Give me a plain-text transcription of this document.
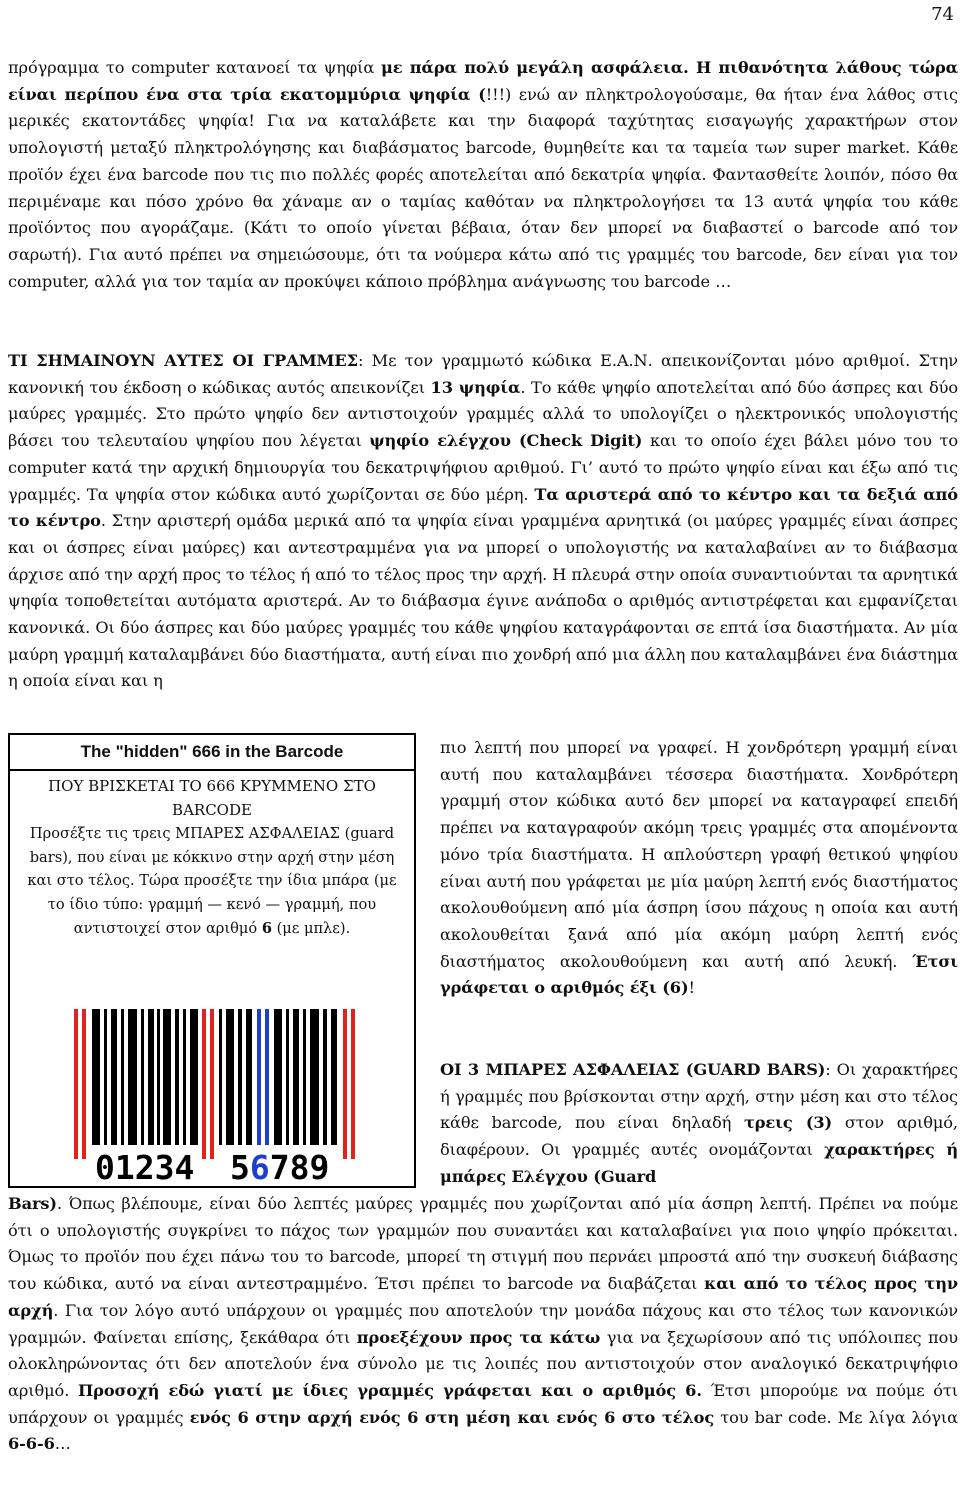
74

πρόγραμμα το computer κατανοεί τα ψηφία με πάρα πολύ μεγάλη ασφάλεια. Η πιθανότητα λάθους τώρα είναι περίπου ένα στα τρία εκατομμύρια ψηφία (!!!) ενώ αν πληκτρολογούσαμε, θα ήταν ένα λάθος στις μερικές εκατοντάδες ψηφία! Για να καταλάβετε και την διαφορά ταχύτητας εισαγωγής χαρακτήρων στον υπολογιστή μεταξύ πληκτρολόγησης και διαβάσματος barcode, θυμηθείτε και τα ταμεία των super market. Κάθε προϊόν έχει ένα barcode που τις πιο πολλές φορές αποτελείται από δεκατρία ψηφία. Φαντασθείτε λοιπόν, πόσο θα περιμέναμε και πόσο χρόνο θα χάναμε αν ο ταμίας καθόταν να πληκτρολογήσει τα 13 αυτά ψηφία του κάθε προϊόντος που αγοράζαμε. (Κάτι το οποίο γίνεται βέβαια, όταν δεν μπορεί να διαβαστεί ο barcode από τον σαρωτή). Για αυτό πρέπει να σημειώσουμε, ότι τα νούμερα κάτω από τις γραμμές του barcode, δεν είναι για τον computer, αλλά για τον ταμία αν προκύψει κάποιο πρόβλημα ανάγνωσης του barcode …

ΤΙ ΣΗΜΑΙΝΟΥΝ ΑΥΤΕΣ ΟΙ ΓΡΑΜΜΕΣ: Με τον γραμμωτό κώδικα Ε.Α.Ν. απεικονίζονται μόνο αριθμοί. Στην κανονική του έκδοση ο κώδικας αυτός απεικονίζει 13 ψηφία. Το κάθε ψηφίο αποτελείται από δύο άσπρες και δύο μαύρες γραμμές. Στο πρώτο ψηφίο δεν αντιστοιχούν γραμμές αλλά το υπολογίζει ο ηλεκτρονικός υπολογιστής βάσει του τελευταίου ψηφίου που λέγεται ψηφίο ελέγχου (Check Digit) και το οποίο έχει βάλει μόνο του το computer κατά την αρχική δημιουργία του δεκατριψήφιου αριθμού. Γι’ αυτό το πρώτο ψηφίο είναι και έξω από τις γραμμές. Τα ψηφία στον κώδικα αυτό χωρίζονται σε δύο μέρη. Τα αριστερά από το κέντρο και τα δεξιά από το κέντρο. Στην αριστερή ομάδα μερικά από τα ψηφία είναι γραμμένα αρνητικά (οι μαύρες γραμμές είναι άσπρες και οι άσπρες είναι μαύρες) και αντεστραμμένα για να μπορεί ο υπολογιστής να καταλαβαίνει αν το διάβασμα άρχισε από την αρχή προς το τέλος ή από το τέλος προς την αρχή. Η πλευρά στην οποία συναντιούνται τα αρνητικά ψηφία τοποθετείται αυτόματα αριστερά. Αν το διάβασμα έγινε ανάποδα ο αριθμός αντιστρέφεται και εμφανίζεται κανονικά. Οι δύο άσπρες και δύο μαύρες γραμμές του κάθε ψηφίου καταγράφονται σε επτά ίσα διαστήματα. Αν μία μαύρη γραμμή καταλαμβάνει δύο διαστήματα, αυτή είναι πιο χονδρή από μια άλλη που καταλαμβάνει ένα διάστημα η οποία είναι και η

πιο λεπτή που μπορεί να γραφεί. Η χονδρότερη γραμμή είναι αυτή που καταλαμβάνει τέσσερα διαστήματα. Χονδρότερη γραμμή στον κώδικα αυτό δεν μπορεί να καταγραφεί επειδή πρέπει να καταγραφούν ακόμη τρεις γραμμές στα απομένοντα μόνο τρία διαστήματα. Η απλούστερη γραφή θετικού ψηφίου είναι αυτή που γράφεται με μία μαύρη λεπτή ενός διαστήματος ακολουθούμενη από μία άσπρη ίσου πάχους η οποία και αυτή ακολουθείται ξανά από μία ακόμη μαύρη λεπτή ενός διαστήματος ακολουθούμενη και αυτή από λευκή. Έτσι γράφεται ο αριθμός έξι (6)!

ΟΙ 3 ΜΠΑΡΕΣ ΑΣΦΑΛΕΙΑΣ (GUARD BARS): Οι χαρακτήρες ή γραμμές που βρίσκονται στην αρχή, στην μέση και στο τέλος κάθε barcode, που είναι δηλαδή τρεις (3) στον αριθμό, διαφέρουν. Οι γραμμές αυτές ονομάζονται χαρακτήρες ή μπάρες Ελέγχου (Guard

Bars). Όπως βλέπουμε, είναι δύο λεπτές μαύρες γραμμές που χωρίζονται από μία άσπρη λεπτή. Πρέπει να πούμε ότι ο υπολογιστής συγκρίνει το πάχος των γραμμών που συναντάει και καταλαβαίνει για ποιο ψηφίο πρόκειται. Όμως το προϊόν που έχει πάνω του το barcode, μπορεί τη στιγμή που περνάει μπροστά από την συσκευή διάβασης του κώδικα, αυτό να είναι αντεστραμμένο. Έτσι πρέπει το barcode να διαβάζεται και από το τέλος προς την αρχή. Για τον λόγο αυτό υπάρχουν οι γραμμές που αποτελούν την μονάδα πάχους και στο τέλος των κανονικών γραμμών. Φαίνεται επίσης, ξεκάθαρα ότι προεξέχουν προς τα κάτω για να ξεχωρίσουν από τις υπόλοιπες που ολοκληρώνοντας ότι δεν αποτελούν ένα σύνολο με τις λοιπές που αντιστοιχούν στον αναλογικό δεκατριψήφιο αριθμό. Προσοχή εδώ γιατί με ίδιες γραμμές γράφεται και ο αριθμός 6. Έτσι μπορούμε να πούμε ότι υπάρχουν οι γραμμές ενός 6 στην αρχή ενός 6 στη μέση και ενός 6 στο τέλος του bar code. Με λίγα λόγια 6-6-6…

The "hidden" 666 in the Barcode
ΠΟΥ ΒΡΙΣΚΕΤΑΙ ΤΟ 666 ΚΡΥΜΜΕΝΟ ΣΤΟ BARCODE
Προσέξτε τις τρεις ΜΠΑΡΕΣ ΑΣΦΑΛΕΙΑΣ (guard bars), που είναι με κόκκινο στην αρχή στην μέση και στο τέλος. Τώρα προσέξτε την ίδια μπάρα (με το ίδιο τύπο: γραμμή — κενό — γραμμή, που αντιστοιχεί στον αριθμό 6 (με μπλε).
01234 56789
